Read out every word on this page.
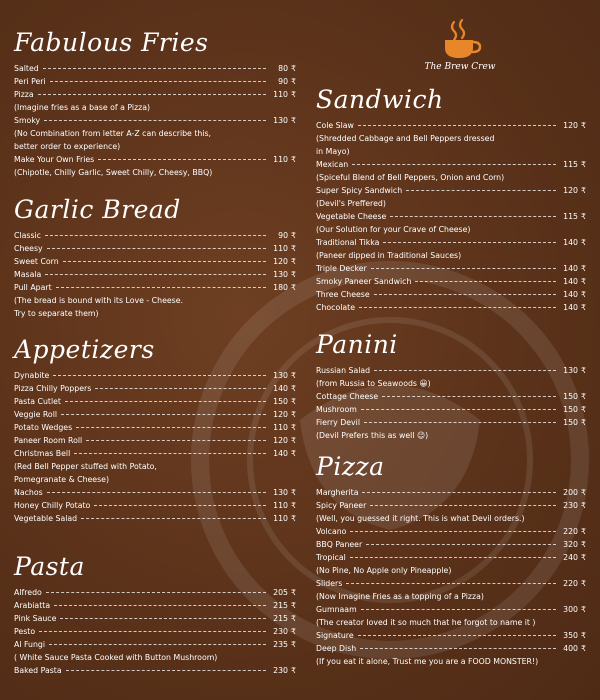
The Brew Crew
Fabulous Fries
Salted	80 ₹
Peri Peri	90 ₹
Pizza	110 ₹
(Imagine fries as a base of a Pizza)
Smoky	130 ₹
(No Combination from letter A-Z can describe this,
better order to experience)
Make Your Own Fries	110 ₹
(Chipotle, Chilly Garlic, Sweet Chilly, Cheesy, BBQ)
Garlic Bread
Classic	90 ₹
Cheesy	110 ₹
Sweet Corn	120 ₹
Masala	130 ₹
Pull Apart	180 ₹
(The bread is bound with its Love - Cheese.
Try to separate them)
Appetizers
Dynabite	130 ₹
Pizza Chilly Poppers	140 ₹
Pasta Cutlet	150 ₹
Veggie Roll	120 ₹
Potato Wedges	110 ₹
Paneer Room Roll	120 ₹
Christmas Bell	140 ₹
(Red Bell Pepper stuffed with Potato,
Pomegranate & Cheese)
Nachos	130 ₹
Honey Chilly Potato	110 ₹
Vegetable Salad	110 ₹
Pasta
Alfredo	205 ₹
Arabiatta	215 ₹
Pink Sauce	215 ₹
Pesto	230 ₹
Al Fungi	235 ₹
( White Sauce Pasta Cooked with Button Mushroom)
Baked Pasta	230 ₹
Sandwich
Cole Slaw	120 ₹
(Shredded Cabbage and Bell Peppers dressed
in Mayo)
Mexican	115 ₹
(Spiceful Blend of Bell Peppers, Onion and Corn)
Super Spicy Sandwich	120 ₹
(Devil's Preffered)
Vegetable Cheese	115 ₹
(Our Solution for your Crave of Cheese)
Traditional Tikka	140 ₹
(Paneer dipped in Traditional Sauces)
Triple Decker	140 ₹
Smoky Paneer Sandwich	140 ₹
Three Cheese	140 ₹
Chocolate	140 ₹
Panini
Russian Salad	130 ₹
(from Russia to Seawoods 😀)
Cottage Cheese	150 ₹
Mushroom	150 ₹
Fierry Devil	150 ₹
(Devil Prefers this as well 😉)
Pizza
Margherita	200 ₹
Spicy Paneer	230 ₹
(Well, you guessed it right. This is what Devil orders.)
Volcano	220 ₹
BBQ Paneer	320 ₹
Tropical	240 ₹
(No Pine, No Apple only Pineapple)
Sliders	220 ₹
(Now Imagine Fries as a topping of a Pizza)
Gumnaam	300 ₹
(The creator loved it so much that he forgot to name it )
Signature	350 ₹
Deep Dish	400 ₹
(If you eat it alone, Trust me you are a FOOD MONSTER!)
